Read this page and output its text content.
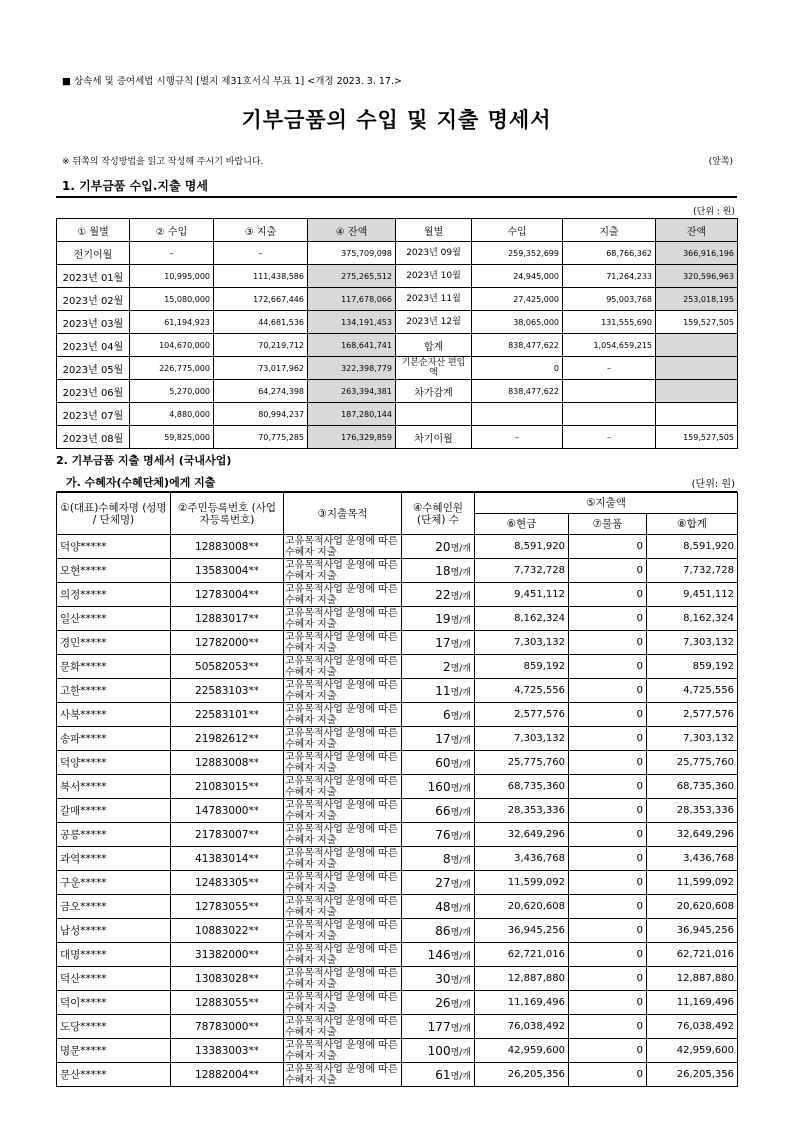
■ 상속세 및 증여세법 시행규칙 [별지 제31호서식 부표 1] <개정 2023. 3. 17.>
기부금품의 수입 및 지출 명세서
※ 뒤쪽의 작성방법을 읽고 작성해 주시기 바랍니다.	(앞쪽)
1. 기부금품 수입.지출 명세
(단위 : 원)
① 월별	② 수입	③ 지출	④ 잔액	월별	수입	지출	잔액
전기이월	–	–	375,709,098	2023년 09월	259,352,699	68,766,362	366,916,196
2023년 01월	10,995,000	111,438,586	275,265,512	2023년 10월	24,945,000	71,264,233	320,596,963
2023년 02월	15,080,000	172,667,446	117,678,066	2023년 11월	27,425,000	95,003,768	253,018,195
2023년 03월	61,194,923	44,681,536	134,191,453	2023년 12월	38,065,000	131,555,690	159,527,505
2023년 04월	104,670,000	70,219,712	168,641,741	합계	838,477,622	1,054,659,215	
2023년 05월	226,775,000	73,017,962	322,398,779	기본순자산 편입액	0	–	
2023년 06월	5,270,000	64,274,398	263,394,381	차가감계	838,477,622		
2023년 07월	4,880,000	80,994,237	187,280,144				
2023년 08월	59,825,000	70,775,285	176,329,859	차기이월	–	–	159,527,505
2. 기부금품 지출 명세서 (국내사업)
가. 수혜자(수혜단체)에게 지출	(단위: 원)
①(대표)수혜자명 (성명 / 단체명)	②주민등록번호 (사업자등록번호)	③지출목적	④수혜인원 (단체) 수	⑤지출액		
				⑥현금	⑦물품	⑧합계
덕양*****	12883008**	고유목적사업 운영에 따른 수혜자 지출	20명/개	8,591,920	0	8,591,920
모현*****	13583004**	고유목적사업 운영에 따른 수혜자 지출	18명/개	7,732,728	0	7,732,728
의정*****	12783004**	고유목적사업 운영에 따른 수혜자 지출	22명/개	9,451,112	0	9,451,112
일산*****	12883017**	고유목적사업 운영에 따른 수혜자 지출	19명/개	8,162,324	0	8,162,324
경민*****	12782000**	고유목적사업 운영에 따른 수혜자 지출	17명/개	7,303,132	0	7,303,132
문화*****	50582053**	고유목적사업 운영에 따른 수혜자 지출	2명/개	859,192	0	859,192
고한*****	22583103**	고유목적사업 운영에 따른 수혜자 지출	11명/개	4,725,556	0	4,725,556
사북*****	22583101**	고유목적사업 운영에 따른 수혜자 지출	6명/개	2,577,576	0	2,577,576
송파*****	21982612**	고유목적사업 운영에 따른 수혜자 지출	17명/개	7,303,132	0	7,303,132
덕양*****	12883008**	고유목적사업 운영에 따른 수혜자 지출	60명/개	25,775,760	0	25,775,760
북서*****	21083015**	고유목적사업 운영에 따른 수혜자 지출	160명/개	68,735,360	0	68,735,360
갈매*****	14783000**	고유목적사업 운영에 따른 수혜자 지출	66명/개	28,353,336	0	28,353,336
공릉*****	21783007**	고유목적사업 운영에 따른 수혜자 지출	76명/개	32,649,296	0	32,649,296
과역*****	41383014**	고유목적사업 운영에 따른 수혜자 지출	8명/개	3,436,768	0	3,436,768
구운*****	12483305**	고유목적사업 운영에 따른 수혜자 지출	27명/개	11,599,092	0	11,599,092
금오*****	12783055**	고유목적사업 운영에 따른 수혜자 지출	48명/개	20,620,608	0	20,620,608
남성*****	10883022**	고유목적사업 운영에 따른 수혜자 지출	86명/개	36,945,256	0	36,945,256
대명*****	31382000**	고유목적사업 운영에 따른 수혜자 지출	146명/개	62,721,016	0	62,721,016
덕산*****	13083028**	고유목적사업 운영에 따른 수혜자 지출	30명/개	12,887,880	0	12,887,880
덕이*****	12883055**	고유목적사업 운영에 따른 수혜자 지출	26명/개	11,169,496	0	11,169,496
도당*****	78783000**	고유목적사업 운영에 따른 수혜자 지출	177명/개	76,038,492	0	76,038,492
명문*****	13383003**	고유목적사업 운영에 따른 수혜자 지출	100명/개	42,959,600	0	42,959,600
문산*****	12882004**	고유목적사업 운영에 따른 수혜자 지출	61명/개	26,205,356	0	26,205,356
